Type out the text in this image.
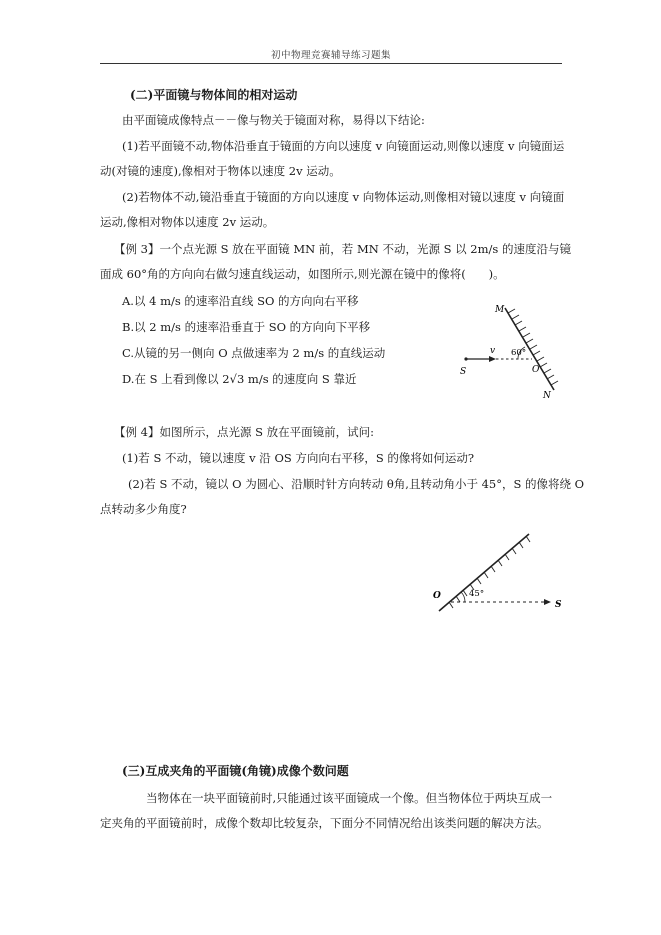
初中物理竞赛辅导练习题集
(二)平面镜与物体间的相对运动
由平面镜成像特点－－像与物关于镜面对称，易得以下结论:
(1)若平面镜不动,物体沿垂直于镜面的方向以速度 v 向镜面运动,则像以速度 v 向镜面运
动(对镜的速度),像相对于物体以速度 2v 运动。
(2)若物体不动,镜沿垂直于镜面的方向以速度 v 向物体运动,则像相对镜以速度 v 向镜面
运动,像相对物体以速度 2v 运动。
【例 3】一个点光源 S 放在平面镜 MN 前，若 MN 不动，光源 S 以 2m/s 的速度沿与镜
面成 60°角的方向向右做匀速直线运动，如图所示,则光源在镜中的像将(　　)。
A.以 4 m/s 的速率沿直线 SO 的方向向右平移
B.以 2 m/s 的速率沿垂直于 SO 的方向向下平移
C.从镜的另一侧向 O 点做速率为 2 m/s 的直线运动
D.在 S 上看到像以 2√3 m/s 的速度向 S 靠近
M
N
O
S
v 60°
【例 4】如图所示，点光源 S 放在平面镜前，试问:
(1)若 S 不动，镜以速度 v 沿 OS 方向向右平移，S 的像将如何运动?
(2)若 S 不动，镜以 O 为圆心、沿顺时针方向转动 θ角,且转动角小于 45°，S 的像将绕 O
点转动多少角度?
O
S
45°
(三)互成夹角的平面镜(角镜)成像个数问题
当物体在一块平面镜前时,只能通过该平面镜成一个像。但当物体位于两块互成一
定夹角的平面镜前时，成像个数却比较复杂，下面分不同情况给出该类问题的解决方法。
